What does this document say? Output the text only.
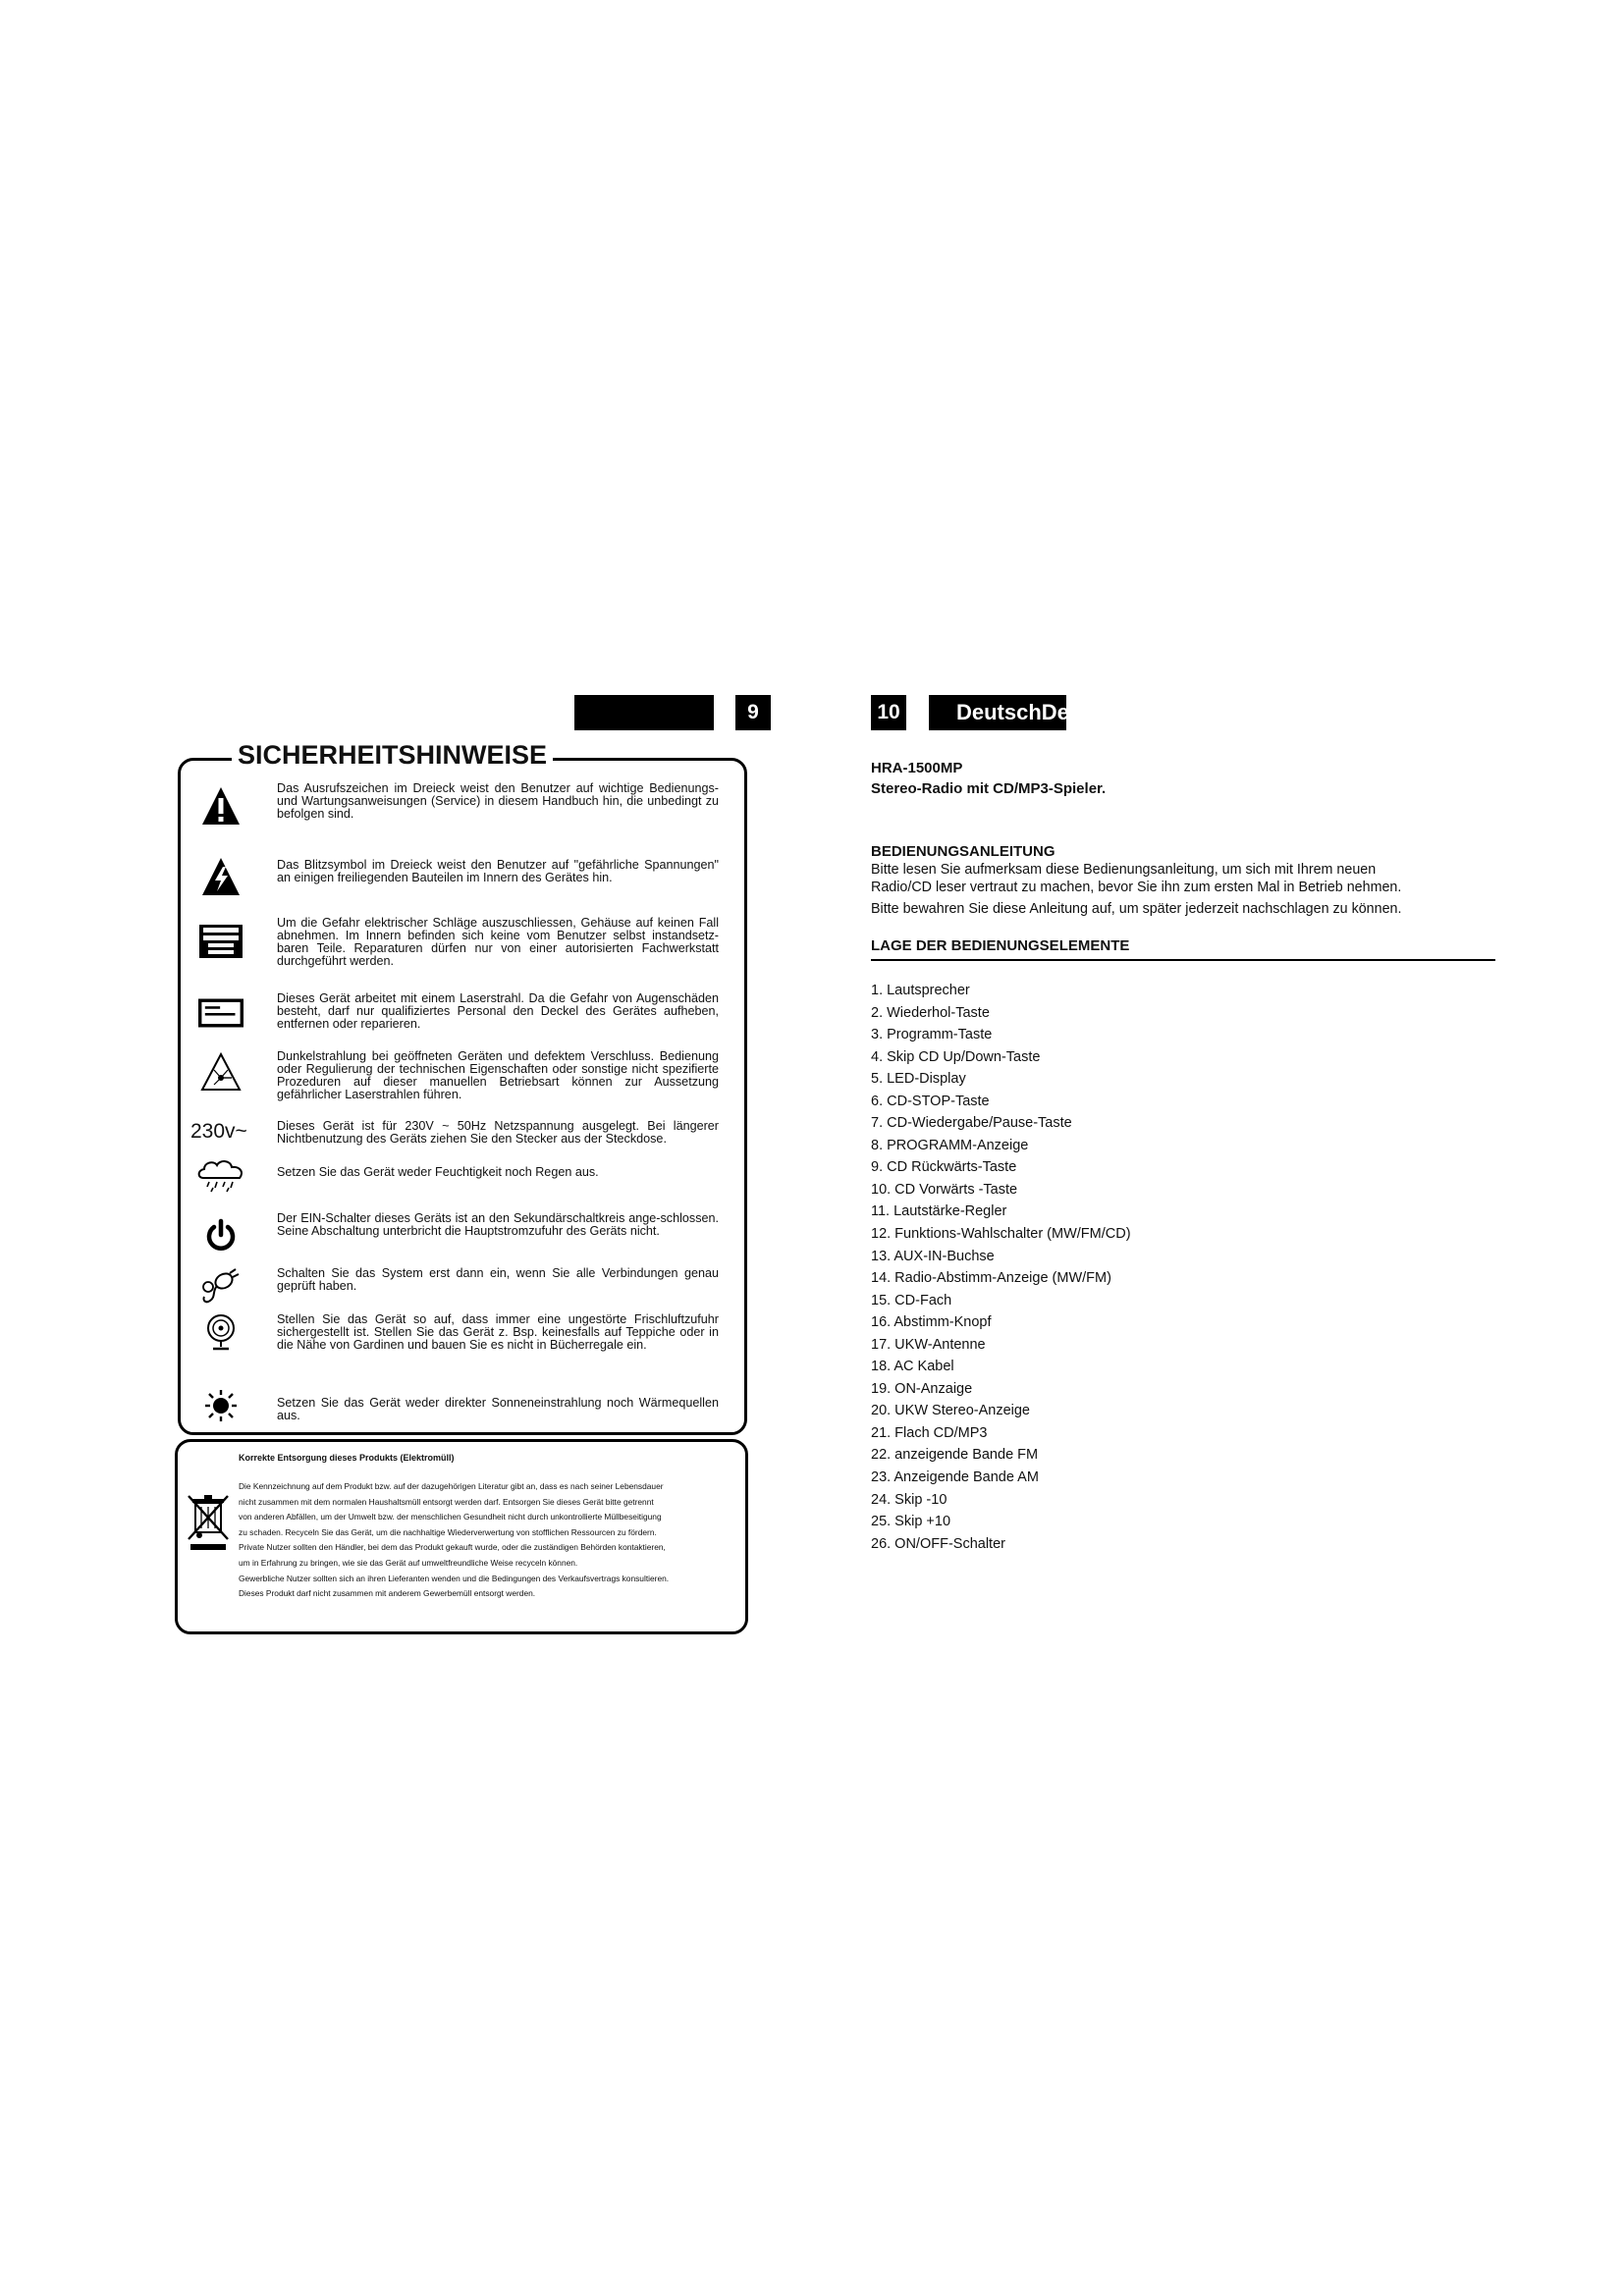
9	10	DeutschDe
SICHERHEITSHINWEISE
Das Ausrufszeichen im Dreieck weist den Benutzer auf wichtige Bedienungs- und Wartungsanweisungen (Service) in diesem Handbuch hin, die unbedingt zu befolgen sind.
Das Blitzsymbol im Dreieck weist den Benutzer auf "gefährliche Spannungen" an einigen freiliegenden Bauteilen im Innern des Gerätes hin.
Um die Gefahr elektrischer Schläge auszuschliessen, Gehäuse auf keinen Fall abnehmen. Im Innern befinden sich keine vom Benutzer selbst instandsetz-baren Teile. Reparaturen dürfen nur von einer autorisierten Fachwerkstatt durchgeführt werden.
Dieses Gerät arbeitet mit einem Laserstrahl. Da die Gefahr von Augenschäden besteht, darf nur qualifiziertes Personal den Deckel des Gerätes aufheben, entfernen oder reparieren.
Dunkelstrahlung bei geöffneten Geräten und defektem Verschluss. Bedienung oder Regulierung der technischen Eigenschaften oder sonstige nicht spezifierte Prozeduren auf dieser manuellen Betriebsart können zur Aussetzung gefährlicher Laserstrahlen führen.
230v~ Dieses Gerät ist für 230V ~ 50Hz Netzspannung ausgelegt. Bei längerer Nichtbenutzung des Geräts ziehen Sie den Stecker aus der Steckdose.
Setzen Sie das Gerät weder Feuchtigkeit noch Regen aus.
Der EIN-Schalter dieses Geräts ist an den Sekundärschaltkreis ange-schlossen. Seine Abschaltung unterbricht die Hauptstromzufuhr des Geräts nicht.
Schalten Sie das System erst dann ein, wenn Sie alle Verbindungen genau geprüft haben.
Stellen Sie das Gerät so auf, dass immer eine ungestörte Frischluftzufuhr sichergestellt ist. Stellen Sie das Gerät z. Bsp. keinesfalls auf Teppiche oder in die Nähe von Gardinen und bauen Sie es nicht in Bücherregale ein.
Setzen Sie das Gerät weder direkter Sonneneinstrahlung noch Wärmequellen aus.
Korrekte Entsorgung dieses Produkts (Elektromüll)
Die Kennzeichnung auf dem Produkt bzw. auf der dazugehörigen Literatur gibt an, dass es nach seiner Lebensdauer
nicht zusammen mit dem normalen Haushaltsmüll entsorgt werden darf. Entsorgen Sie dieses Gerät bitte getrennt
von anderen Abfällen, um der Umwelt bzw. der menschlichen Gesundheit nicht durch unkontrollierte Müllbeseitigung
zu schaden. Recyceln Sie das Gerät, um die nachhaltige Wiederverwertung von stofflichen Ressourcen zu fördern.
Private Nutzer sollten den Händler, bei dem das Produkt gekauft wurde, oder die zuständigen Behörden kontaktieren,
um in Erfahrung zu bringen, wie sie das Gerät auf umweltfreundliche Weise recyceln können.
Gewerbliche Nutzer sollten sich an ihren Lieferanten wenden und die Bedingungen des Verkaufsvertrags konsultieren.
Dieses Produkt darf nicht zusammen mit anderem Gewerbemüll entsorgt werden.
HRA-1500MP
Stereo-Radio mit CD/MP3-Spieler.
BEDIENUNGSANLEITUNG
Bitte lesen Sie aufmerksam diese Bedienungsanleitung, um sich mit Ihrem neuen
Radio/CD leser vertraut zu machen, bevor Sie ihn zum ersten Mal in Betrieb nehmen.
Bitte bewahren Sie diese Anleitung auf, um später jederzeit nachschlagen zu können.
LAGE DER BEDIENUNGSELEMENTE
1. Lautsprecher
2. Wiederhol-Taste
3. Programm-Taste
4. Skip CD Up/Down-Taste
5. LED-Display
6. CD-STOP-Taste
7. CD-Wiedergabe/Pause-Taste
8. PROGRAMM-Anzeige
9. CD Rückwärts-Taste
10. CD Vorwärts -Taste
11. Lautstärke-Regler
12. Funktions-Wahlschalter (MW/FM/CD)
13. AUX-IN-Buchse
14. Radio-Abstimm-Anzeige (MW/FM)
15. CD-Fach
16. Abstimm-Knopf
17. UKW-Antenne
18. AC Kabel
19. ON-Anzaige
20. UKW Stereo-Anzeige
21. Flach CD/MP3
22. anzeigende Bande FM
23. Anzeigende Bande AM
24. Skip -10
25. Skip +10
26. ON/OFF-Schalter
